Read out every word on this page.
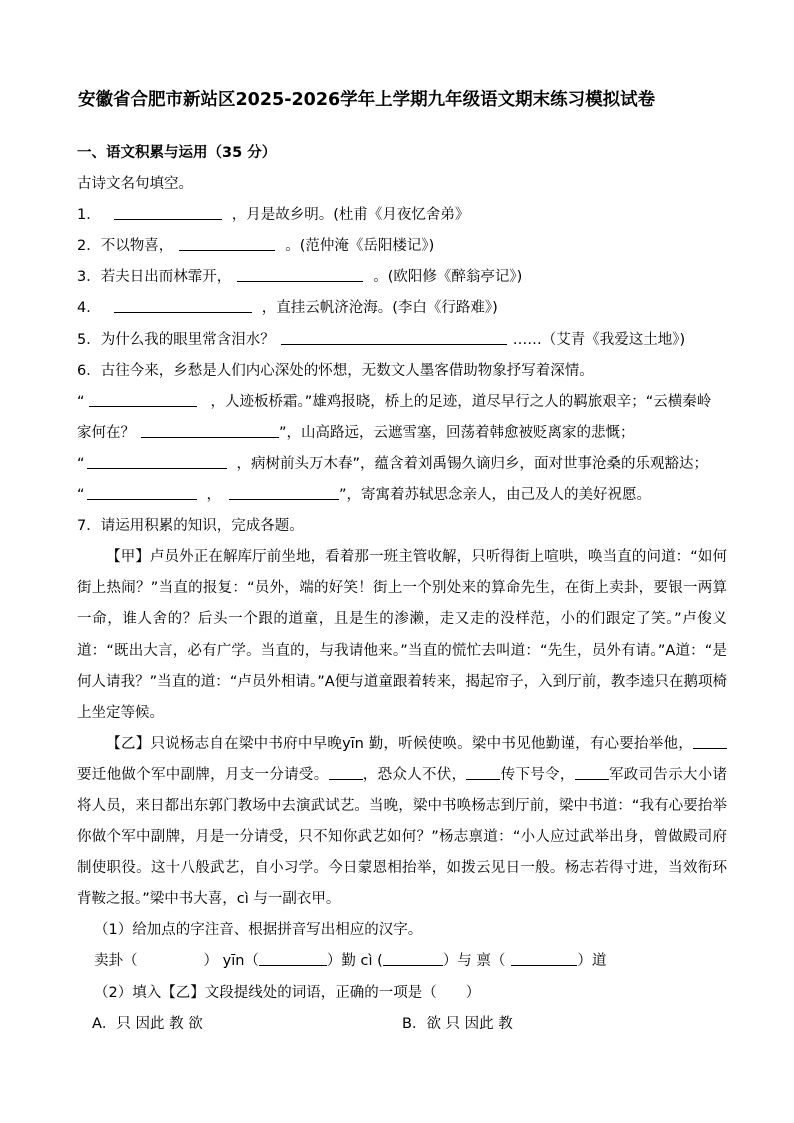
安徽省合肥市新站区2025-2026学年上学期九年级语文期末练习模拟试卷
一、语文积累与运用（35 分）
古诗文名句填空。
1．	，月是故乡明。(杜甫《月夜忆舍弟》
2．不以物喜，	。(范仲淹《岳阳楼记》)
3．若夫日出而林霏开，	。(欧阳修《醉翁亭记》)
4．	，直挂云帆济沧海。(李白《行路难》)
5．为什么我的眼里常含泪水？	……（艾青《我爱这土地》)
6．古往今来，乡愁是人们内心深处的怀想，无数文人墨客借助物象抒写着深情。
“	，人迹板桥霜。”雄鸡报晓，桥上的足迹，道尽早行之人的羁旅艰辛；“云横秦岭
家何在？	”，山高路远，云遮雪塞，回荡着韩愈被贬离家的悲慨；
“	，病树前头万木春”，蕴含着刘禹锡久谪归乡，面对世事沧桑的乐观豁达；
“	，	”，寄寓着苏轼思念亲人，由己及人的美好祝愿。
7．请运用积累的知识，完成各题。
【甲】卢员外正在解库厅前坐地，看着那一班主管收解，只听得街上喧哄，唤当直的问道：“如何街上热闹？”当直的报复：“员外，端的好笑！街上一个别处来的算命先生，在街上卖卦，要银一两算一命，谁人舍的？后头一个跟的道童，且是生的渗濑，走又走的没样范，小的们跟定了笑。”卢俊义道：“既出大言，必有广学。当直的，与我请他来。”当直的慌忙去叫道：“先生，员外有请。”A道：“是何人请我？”当直的道：“卢员外相请。”A便与道童跟着转来，揭起帘子，入到厅前，教李逵只在鹅项椅上坐定等候。
【乙】只说杨志自在梁中书府中早晚yīn 勤，听候使唤。梁中书见他勤谨，有心要抬举他，要迁他做个军中副牌，月支一分请受。 ，恐众人不伏， 传下号令， 军政司告示大小诸将人员，来日都出东郭门教场中去演武试艺。当晚，梁中书唤杨志到厅前，梁中书道：“我有心要抬举你做个军中副牌，月是一分请受，只不知你武艺如何？”杨志禀道：“小人应过武举出身，曾做殿司府制使职役。这十八般武艺，自小习学。今日蒙恩相抬举，如拨云见日一般。杨志若得寸进，当效衔环背鞍之报。”梁中书大喜，cì 与一副衣甲。
（1）给加点的字注音、根据拼音写出相应的汉字。
卖卦（	） yīn（	）勤 cì (	）与 禀（	）道
（2）填入【乙】文段提线处的词语，正确的一项是（　　）
A．只 因此 教 欲	B．欲 只 因此 教
